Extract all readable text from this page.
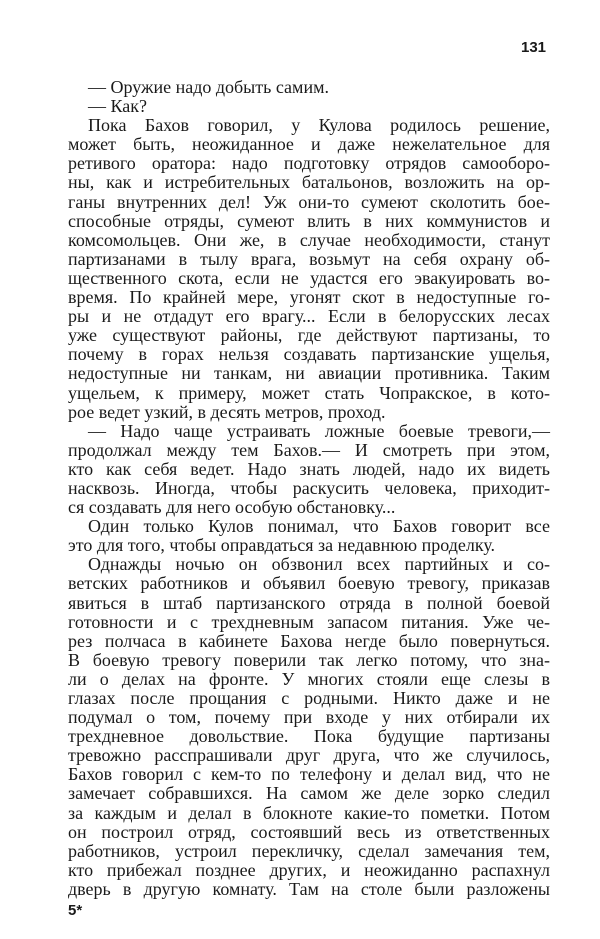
131
— Оружие надо добыть самим.
— Как?
Пока Бахов говорил, у Кулова родилось решение,
может быть, неожиданное и даже нежелательное для
ретивого оратора: надо подготовку отрядов самооборо-
ны, как и истребительных батальонов, возложить на ор-
ганы внутренних дел! Уж они-то сумеют сколотить бое-
способные отряды, сумеют влить в них коммунистов и
комсомольцев. Они же, в случае необходимости, станут
партизанами в тылу врага, возьмут на себя охрану об-
щественного скота, если не удастся его эвакуировать во-
время. По крайней мере, угонят скот в недоступные го-
ры и не отдадут его врагу... Если в белорусских лесах
уже существуют районы, где действуют партизаны, то
почему в горах нельзя создавать партизанские ущелья,
недоступные ни танкам, ни авиации противника. Таким
ущельем, к примеру, может стать Чопракское, в кото-
рое ведет узкий, в десять метров, проход.
— Надо чаще устраивать ложные боевые тревоги,—
продолжал между тем Бахов.— И смотреть при этом,
кто как себя ведет. Надо знать людей, надо их видеть
насквозь. Иногда, чтобы раскусить человека, приходит-
ся создавать для него особую обстановку...
Один только Кулов понимал, что Бахов говорит все
это для того, чтобы оправдаться за недавнюю проделку.
Однажды ночью он обзвонил всех партийных и со-
ветских работников и объявил боевую тревогу, приказав
явиться в штаб партизанского отряда в полной боевой
готовности и с трехдневным запасом питания. Уже че-
рез полчаса в кабинете Бахова негде было повернуться.
В боевую тревогу поверили так легко потому, что зна-
ли о делах на фронте. У многих стояли еще слезы в
глазах после прощания с родными. Никто даже и не
подумал о том, почему при входе у них отбирали их
трехдневное довольствие. Пока будущие партизаны
тревожно расспрашивали друг друга, что же случилось,
Бахов говорил с кем-то по телефону и делал вид, что не
замечает собравшихся. На самом же деле зорко следил
за каждым и делал в блокноте какие-то пометки. Потом
он построил отряд, состоявший весь из ответственных
работников, устроил перекличку, сделал замечания тем,
кто прибежал позднее других, и неожиданно распахнул
дверь в другую комнату. Там на столе были разложены
5*
